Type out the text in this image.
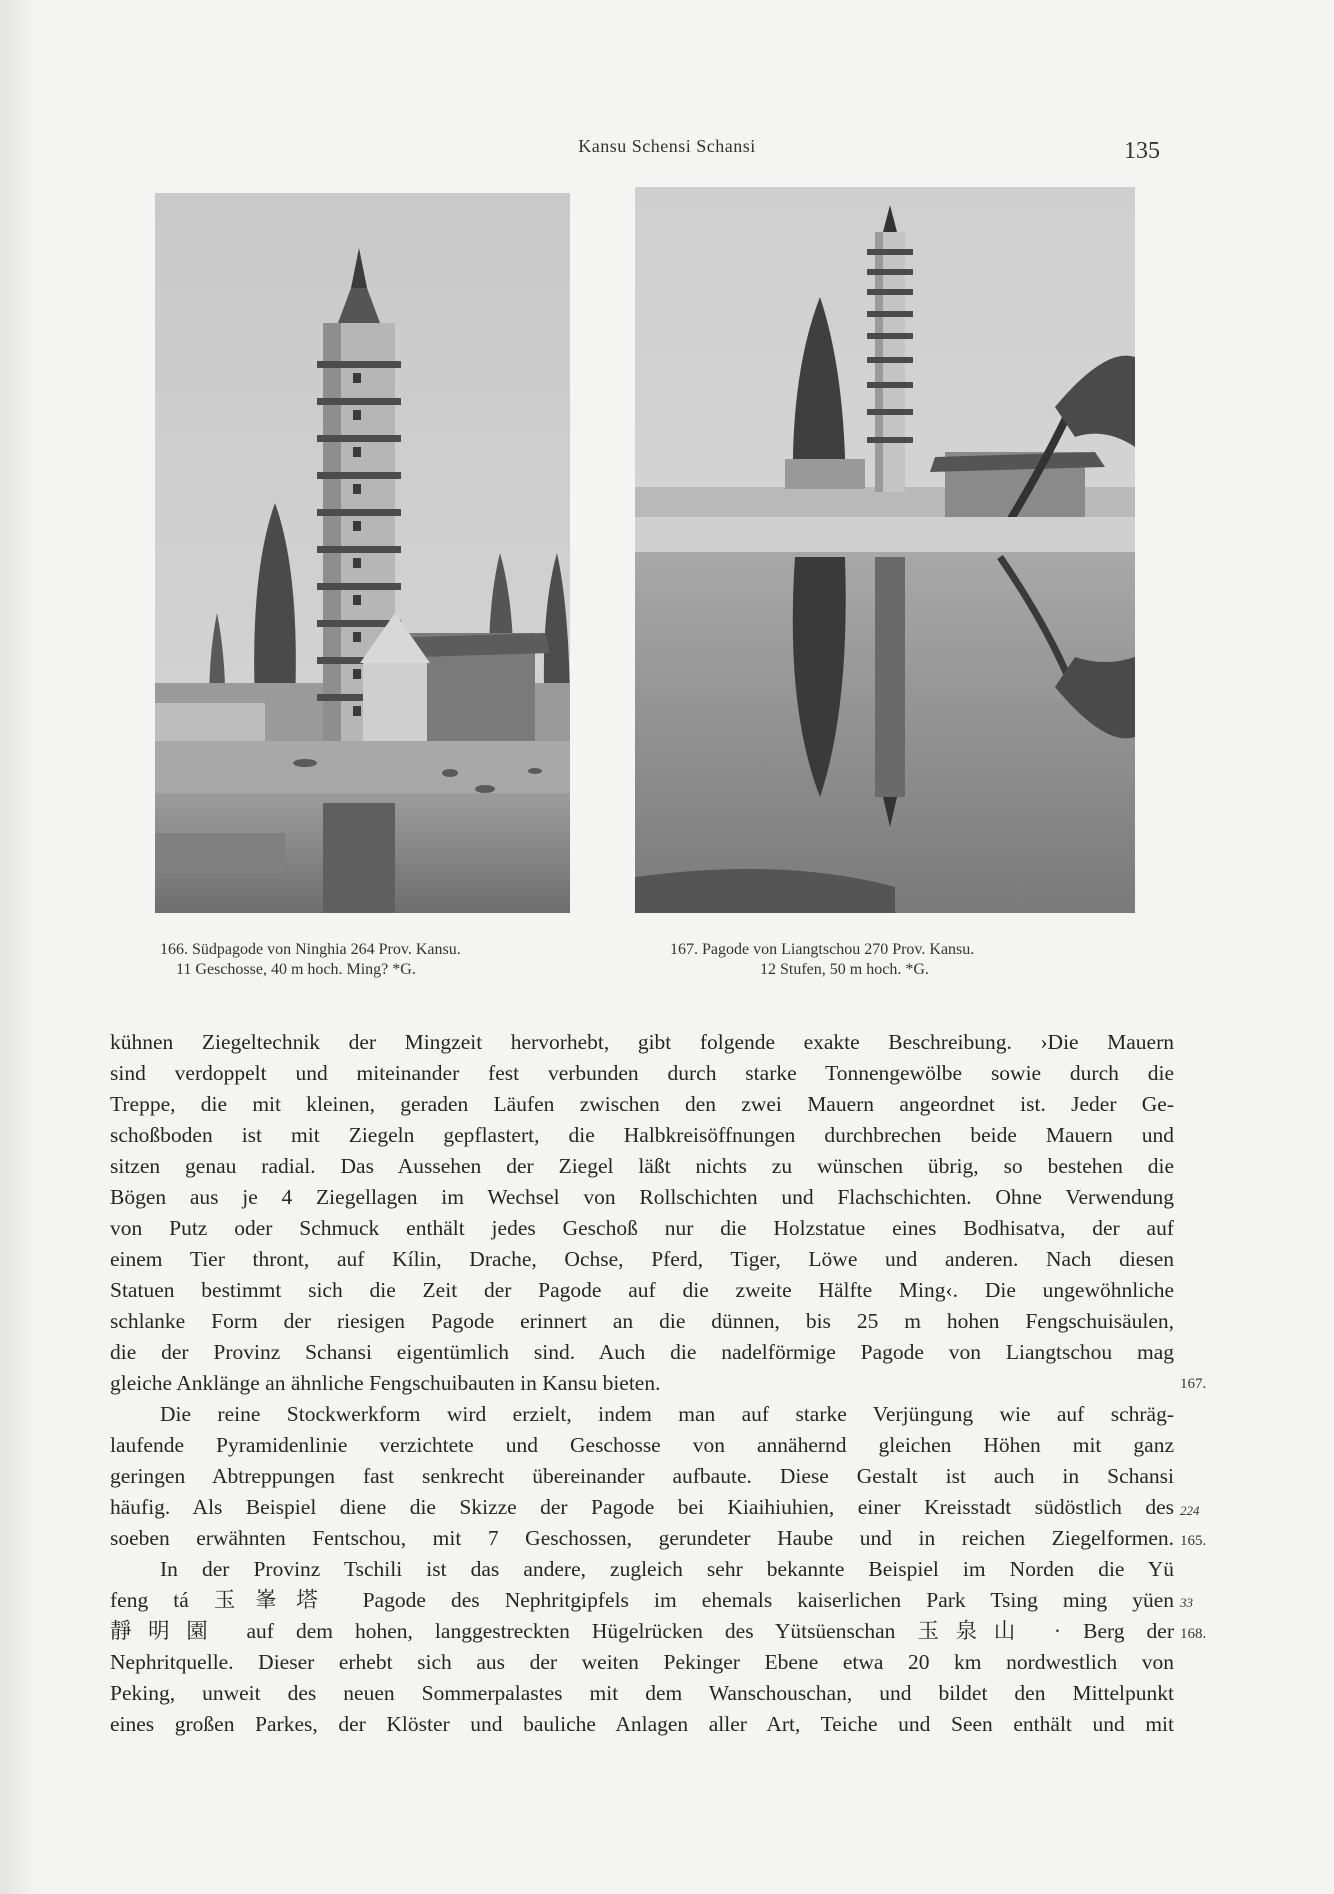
Kansu Schensi Schansi	135
166. Südpagode von Ninghia 264 Prov. Kansu.
11 Geschosse, 40 m hoch. Ming? *G.
167. Pagode von Liangtschou 270 Prov. Kansu.
12 Stufen, 50 m hoch. *G.
kühnen Ziegeltechnik der Mingzeit hervorhebt, gibt folgende exakte Beschreibung. ›Die Mauern
sind verdoppelt und miteinander fest verbunden durch starke Tonnengewölbe sowie durch die
Treppe, die mit kleinen, geraden Läufen zwischen den zwei Mauern angeordnet ist. Jeder Ge-
schoßboden ist mit Ziegeln gepflastert, die Halbkreisöffnungen durchbrechen beide Mauern und
sitzen genau radial. Das Aussehen der Ziegel läßt nichts zu wünschen übrig, so bestehen die
Bögen aus je 4 Ziegellagen im Wechsel von Rollschichten und Flachschichten. Ohne Verwendung
von Putz oder Schmuck enthält jedes Geschoß nur die Holzstatue eines Bodhisatva, der auf
einem Tier thront, auf Kílin, Drache, Ochse, Pferd, Tiger, Löwe und anderen. Nach diesen
Statuen bestimmt sich die Zeit der Pagode auf die zweite Hälfte Ming‹. Die ungewöhnliche
schlanke Form der riesigen Pagode erinnert an die dünnen, bis 25 m hohen Fengschuisäulen,
die der Provinz Schansi eigentümlich sind. Auch die nadelförmige Pagode von Liangtschou mag
gleiche Anklänge an ähnliche Fengschuibauten in Kansu bieten.
Die reine Stockwerkform wird erzielt, indem man auf starke Verjüngung wie auf schräg-
laufende Pyramidenlinie verzichtete und Geschosse von annähernd gleichen Höhen mit ganz
geringen Abtreppungen fast senkrecht übereinander aufbaute. Diese Gestalt ist auch in Schansi
häufig. Als Beispiel diene die Skizze der Pagode bei Kiaihiuhien, einer Kreisstadt südöstlich des
soeben erwähnten Fentschou, mit 7 Geschossen, gerundeter Haube und in reichen Ziegelformen.
In der Provinz Tschili ist das andere, zugleich sehr bekannte Beispiel im Norden die Yü
feng tá 玉峯塔 Pagode des Nephritgipfels im ehemals kaiserlichen Park Tsing ming yüen
靜明園 auf dem hohen, langgestreckten Hügelrücken des Yütsüenschan 玉泉山 · Berg der
Nephritquelle. Dieser erhebt sich aus der weiten Pekinger Ebene etwa 20 km nordwestlich von
Peking, unweit des neuen Sommerpalastes mit dem Wanschouschan, und bildet den Mittelpunkt
eines großen Parkes, der Klöster und bauliche Anlagen aller Art, Teiche und Seen enthält und mit
167.
224
165.
33
168.
